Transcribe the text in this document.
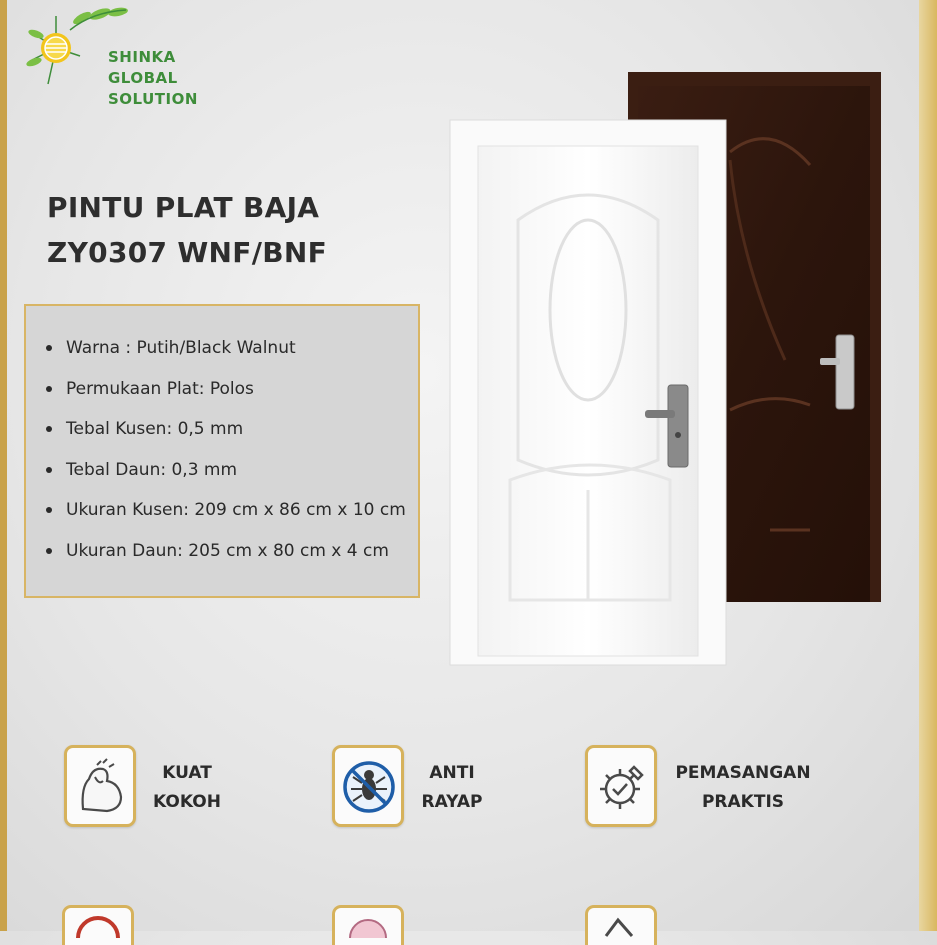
SHINKA
GLOBAL
SOLUTION
PINTU PLAT BAJA
ZY0307 WNF/BNF
Warna : Putih/Black Walnut
Permukaan Plat: Polos
Tebal Kusen: 0,5 mm
Tebal Daun: 0,3 mm
Ukuran Kusen: 209 cm x 86 cm x 10 cm
Ukuran Daun: 205 cm x 80 cm x 4 cm
KUAT
KOKOH
ANTI
RAYAP
PEMASANGAN
PRAKTIS
